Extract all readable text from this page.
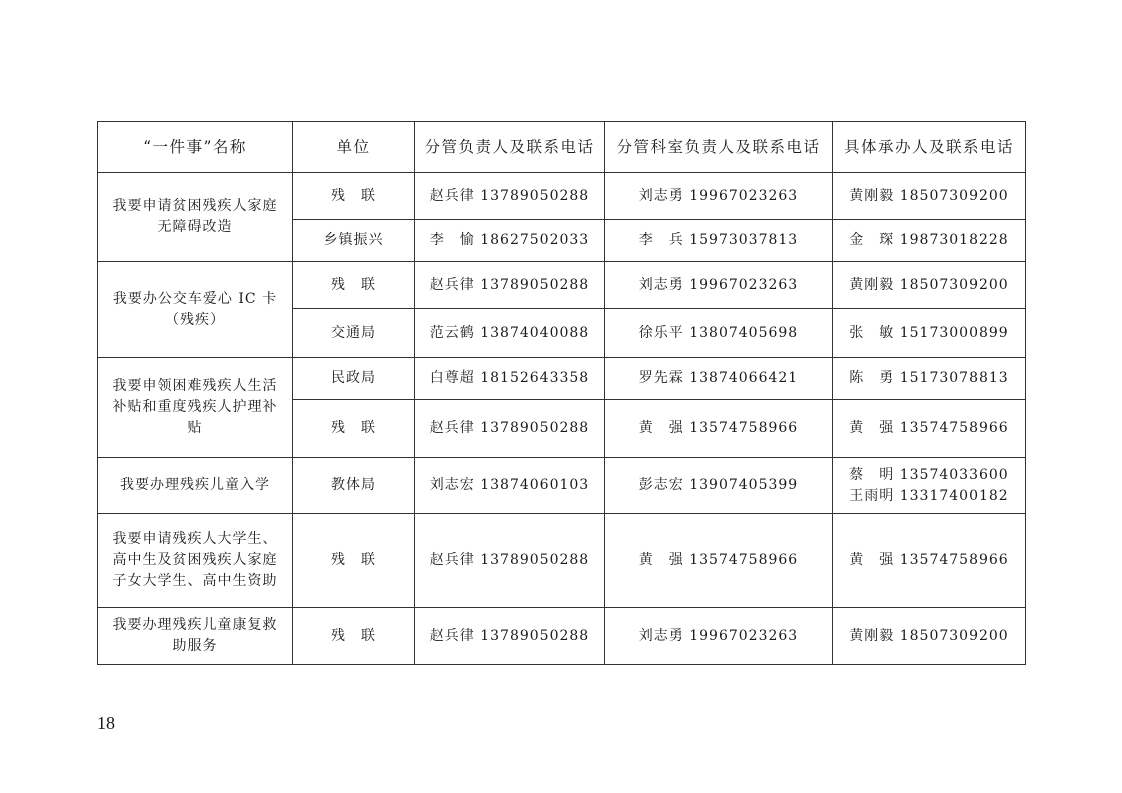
“一件事”名称	单位	分管负责人及联系电话	分管科室负责人及联系电话	具体承办人及联系电话

我要申请贫困残疾人家庭
无障碍改造	残　联	赵兵律 13789050288	刘志勇 19967023263	黄刚毅 18507309200

	乡镇振兴	李　愉 18627502033	李　兵 15973037813	金　琛 19873018228

我要办公交车爱心 IC 卡
（残疾）	残　联	赵兵律 13789050288	刘志勇 19967023263	黄刚毅 18507309200

	交通局	范云鹤 13874040088	徐乐平 13807405698	张　敏 15173000899

我要申领困难残疾人生活
补贴和重度残疾人护理补
贴	民政局	白尊超 18152643358	罗先霖 13874066421	陈　勇 15173078813

	残　联	赵兵律 13789050288	黄　强 13574758966	黄　强 13574758966

我要办理残疾儿童入学	教体局	刘志宏 13874060103	彭志宏 13907405399	蔡　明 13574033600
王雨明 13317400182

我要申请残疾人大学生、
高中生及贫困残疾人家庭
子女大学生、高中生资助	残　联	赵兵律 13789050288	黄　强 13574758966	黄　强 13574758966

我要办理残疾儿童康复救
助服务	残　联	赵兵律 13789050288	刘志勇 19967023263	黄刚毅 18507309200
18
